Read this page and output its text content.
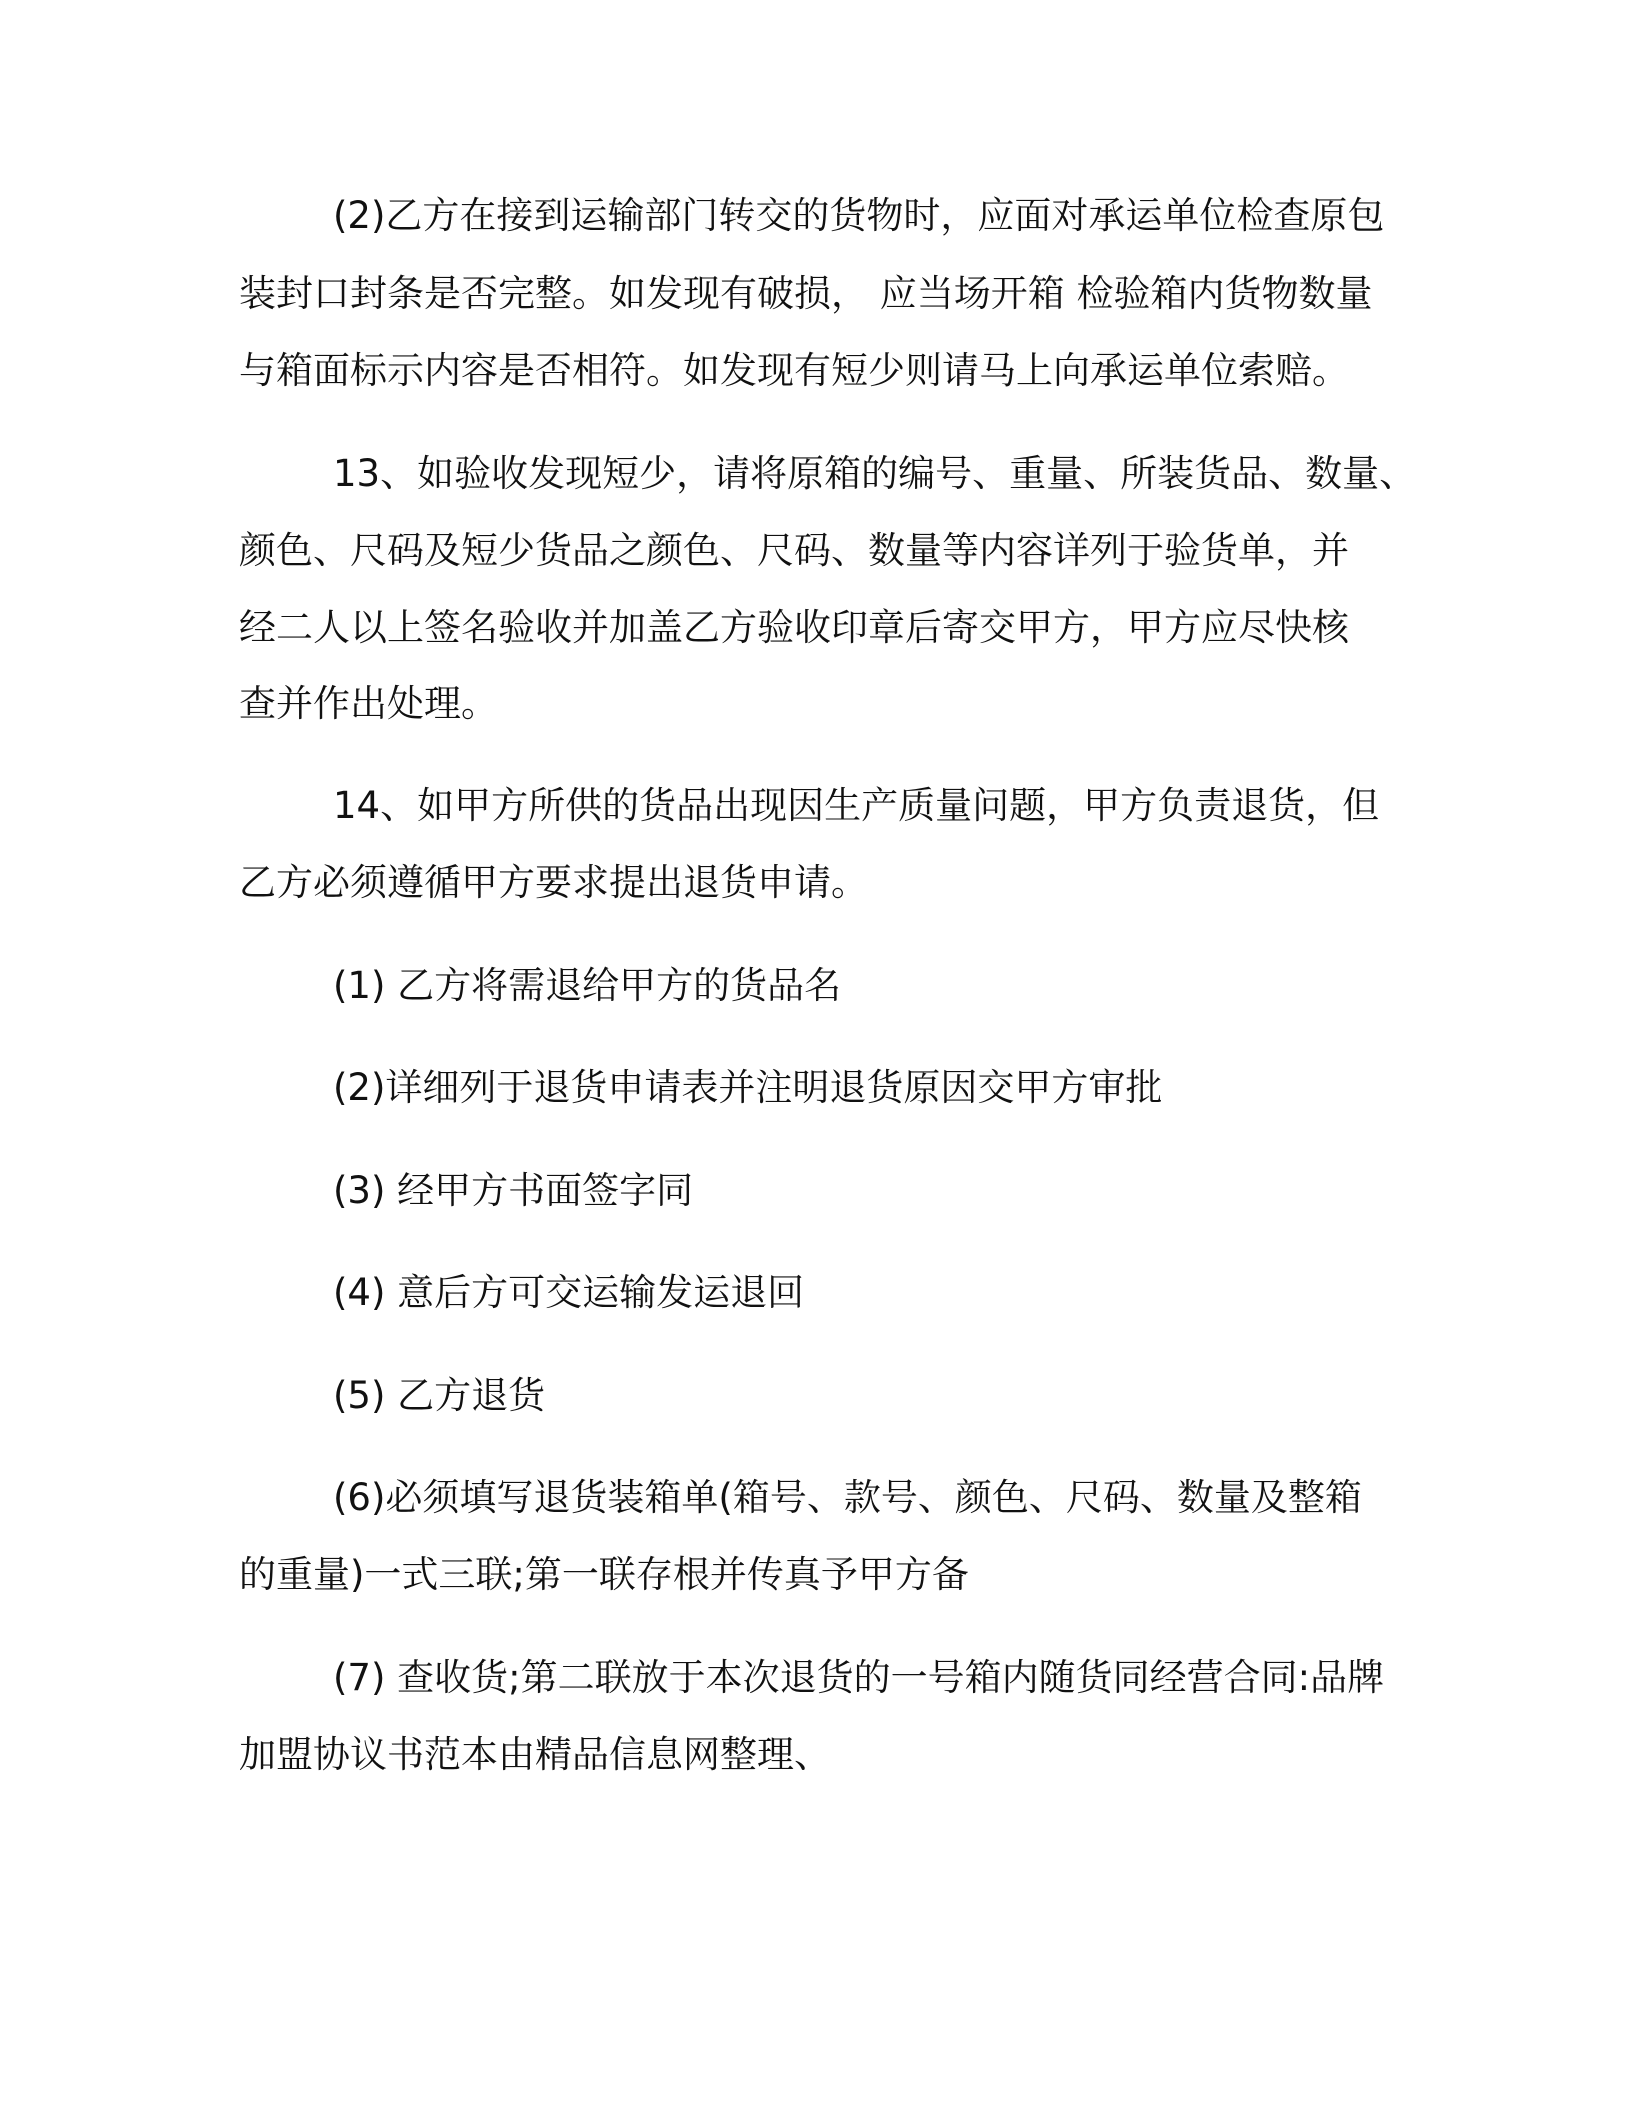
(2)乙方在接到运输部门转交的货物时，应面对承运单位检查原包
装封口封条是否完整。如发现有破损， 应当场开箱 检验箱内货物数量
与箱面标示内容是否相符。如发现有短少则请马上向承运单位索赔。
13、如验收发现短少，请将原箱的编号、重量、所装货品、数量、
颜色、尺码及短少货品之颜色、尺码、数量等内容详列于验货单，并
经二人以上签名验收并加盖乙方验收印章后寄交甲方，甲方应尽快核
查并作出处理。
14、如甲方所供的货品出现因生产质量问题，甲方负责退货，但
乙方必须遵循甲方要求提出退货申请。
(1) 乙方将需退给甲方的货品名
(2)详细列于退货申请表并注明退货原因交甲方审批
(3) 经甲方书面签字同
(4) 意后方可交运输发运退回
(5) 乙方退货
(6)必须填写退货装箱单(箱号、款号、颜色、尺码、数量及整箱
的重量)一式三联;第一联存根并传真予甲方备
(7) 查收货;第二联放于本次退货的一号箱内随货同经营合同:品牌
加盟协议书范本由精品信息网整理、
